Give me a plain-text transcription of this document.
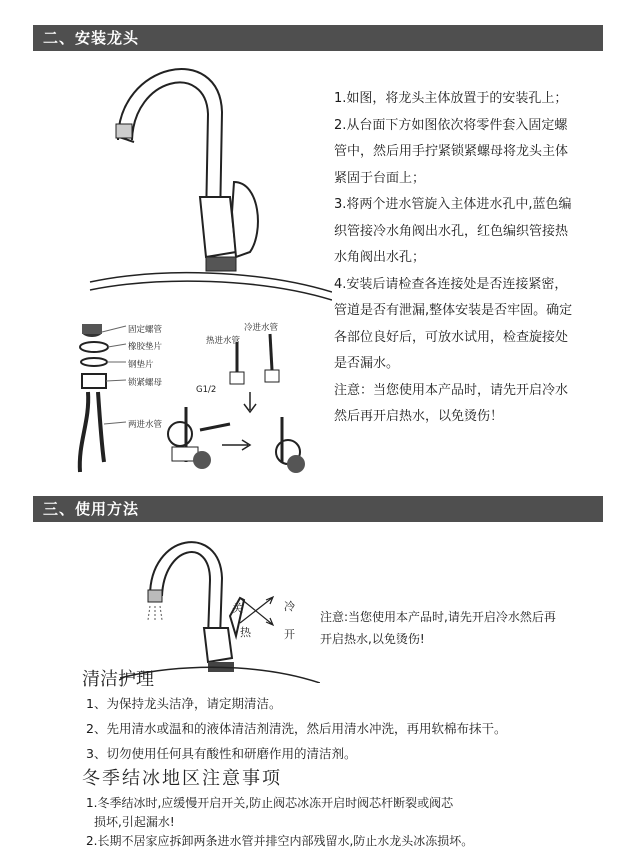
二、安装龙头
固定螺管
橡胶垫片
钢垫片
锁紧螺母
两进水管
热进水管
冷进水管
G1/2

1.如图，将龙头主体放置于的安装孔上；

2.从台面下方如图依次将零件套入固定螺

管中，然后用手拧紧锁紧螺母将龙头主体

紧固于台面上；

3.将两个进水管旋入主体进水孔中,蓝色编

织管接冷水角阀出水孔，红色编织管接热

水角阀出水孔；

4.安装后请检查各连接处是否连接紧密，

管道是否有泄漏,整体安装是否牢固。确定

各部位良好后，可放水试用，检查旋接处

是否漏水。

注意：当您使用本产品时，请先开启冷水

然后再开启热水，以免烫伤！

三、使用方法
关	冷
热	开
注意:当您使用本产品时,请先开启冷水然后再
开启热水,以免烫伤!
清洁护理

1、为保持龙头洁净，请定期清洁。

2、先用清水或温和的液体清洁剂清洗，然后用清水冲洗，再用软棉布抹干。

3、切勿使用任何具有酸性和研磨作用的清洁剂。

冬季结冰地区注意事项

1.冬季结冰时,应缓慢开启开关,防止阀芯冰冻开启时阀芯杆断裂或阀芯

损坏,引起漏水!

2.长期不居家应拆卸两条进水管并排空内部残留水,防止水龙头冰冻损坏。
